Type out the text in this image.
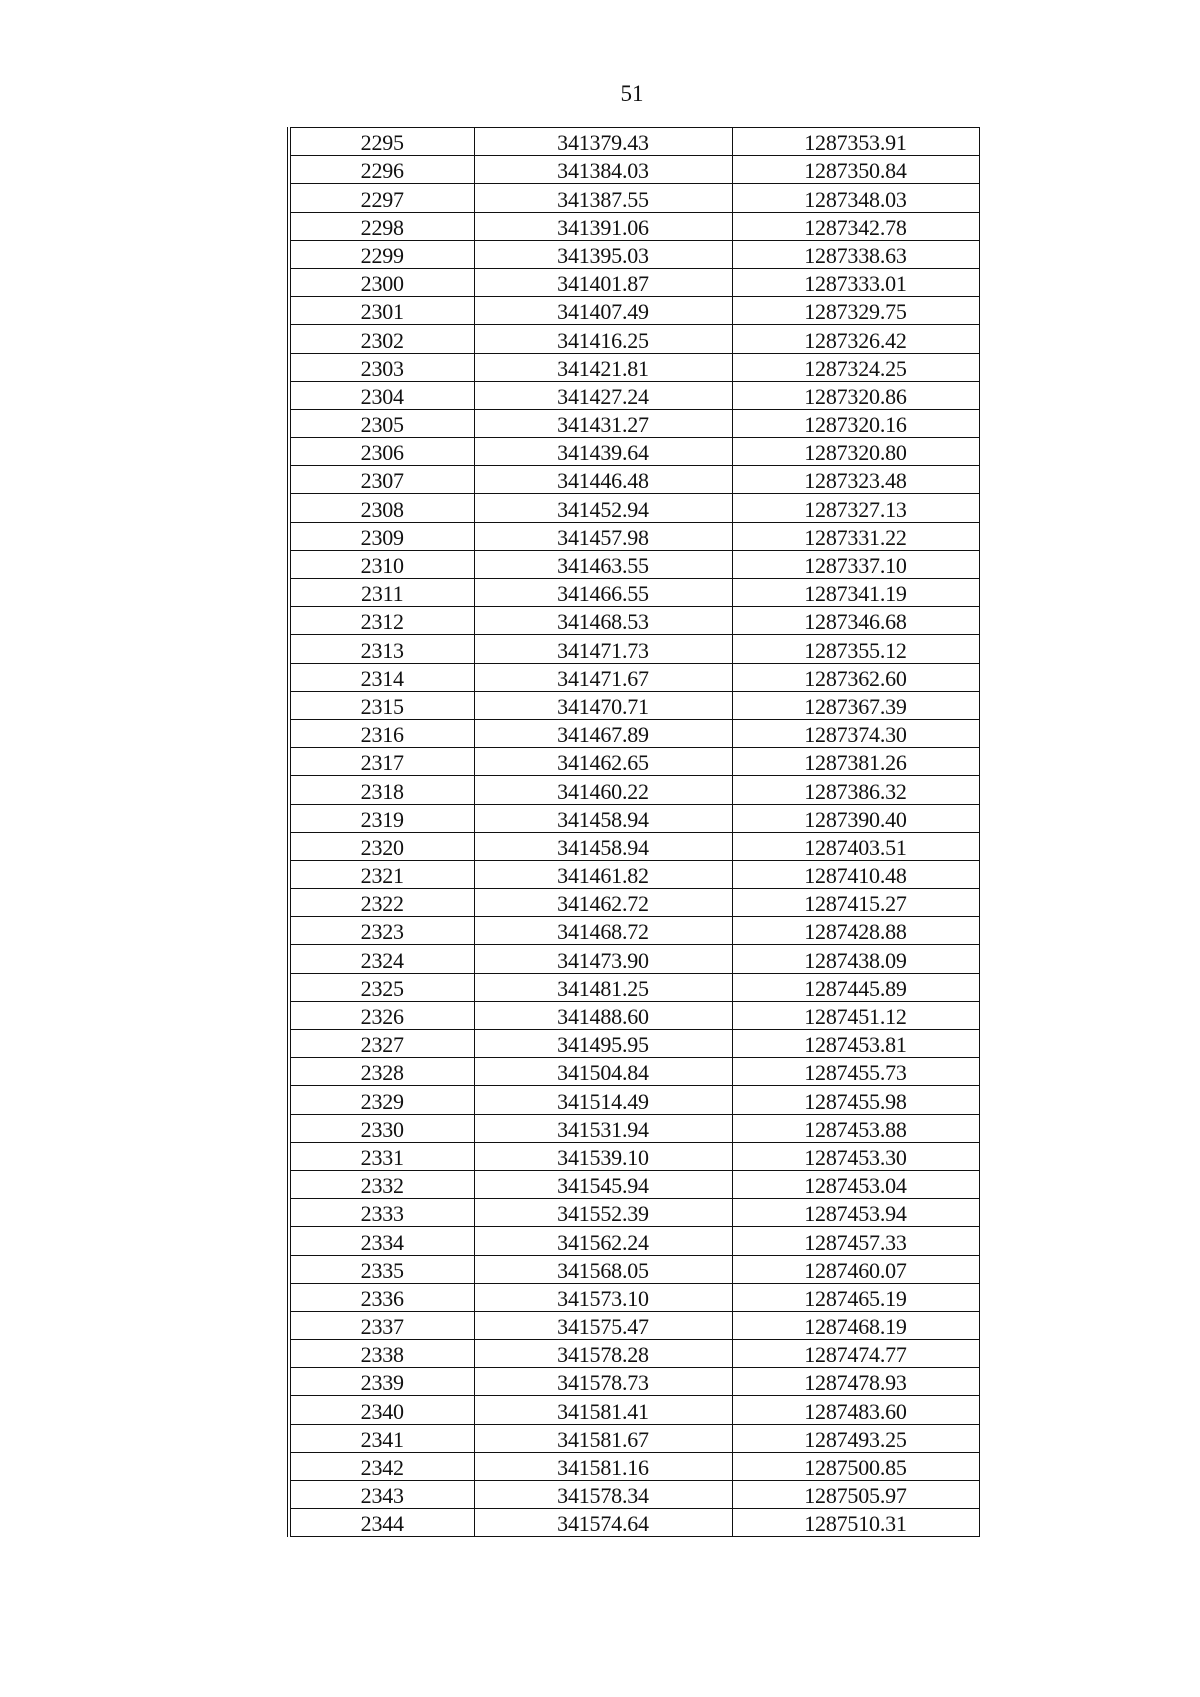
51
2295	341379.43	1287353.91
2296	341384.03	1287350.84
2297	341387.55	1287348.03
2298	341391.06	1287342.78
2299	341395.03	1287338.63
2300	341401.87	1287333.01
2301	341407.49	1287329.75
2302	341416.25	1287326.42
2303	341421.81	1287324.25
2304	341427.24	1287320.86
2305	341431.27	1287320.16
2306	341439.64	1287320.80
2307	341446.48	1287323.48
2308	341452.94	1287327.13
2309	341457.98	1287331.22
2310	341463.55	1287337.10
2311	341466.55	1287341.19
2312	341468.53	1287346.68
2313	341471.73	1287355.12
2314	341471.67	1287362.60
2315	341470.71	1287367.39
2316	341467.89	1287374.30
2317	341462.65	1287381.26
2318	341460.22	1287386.32
2319	341458.94	1287390.40
2320	341458.94	1287403.51
2321	341461.82	1287410.48
2322	341462.72	1287415.27
2323	341468.72	1287428.88
2324	341473.90	1287438.09
2325	341481.25	1287445.89
2326	341488.60	1287451.12
2327	341495.95	1287453.81
2328	341504.84	1287455.73
2329	341514.49	1287455.98
2330	341531.94	1287453.88
2331	341539.10	1287453.30
2332	341545.94	1287453.04
2333	341552.39	1287453.94
2334	341562.24	1287457.33
2335	341568.05	1287460.07
2336	341573.10	1287465.19
2337	341575.47	1287468.19
2338	341578.28	1287474.77
2339	341578.73	1287478.93
2340	341581.41	1287483.60
2341	341581.67	1287493.25
2342	341581.16	1287500.85
2343	341578.34	1287505.97
2344	341574.64	1287510.31
